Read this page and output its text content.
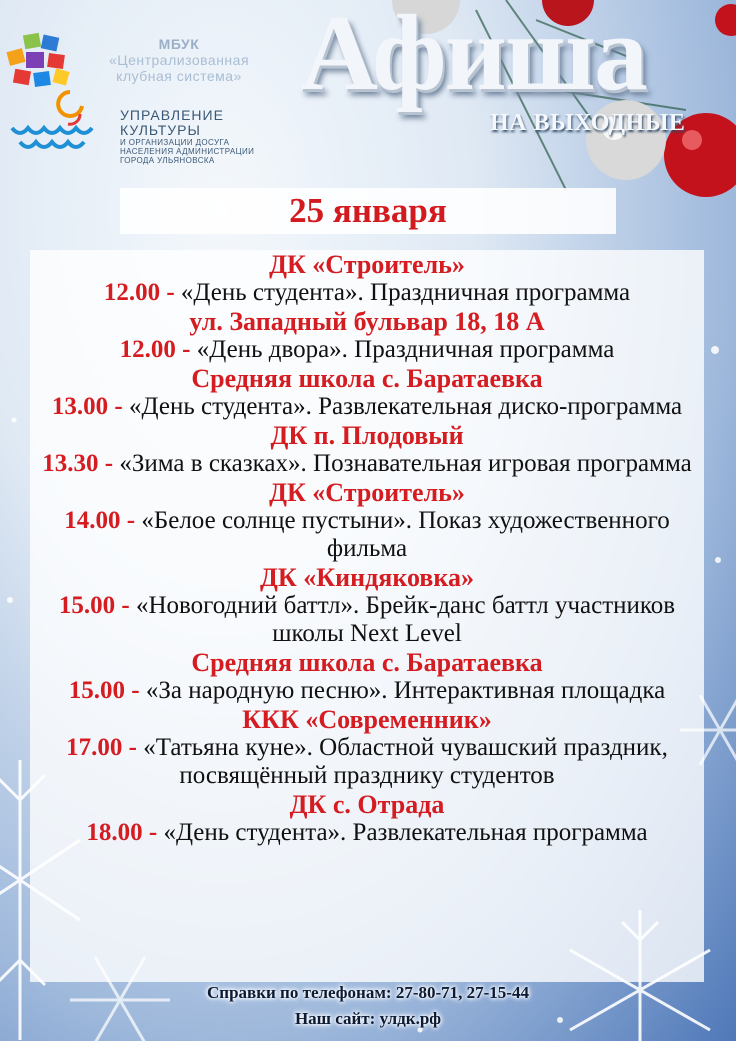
МБУК
«Централизованная
клубная система»
УПРАВЛЕНИЕ
КУЛЬТУРЫ
И ОРГАНИЗАЦИИ ДОСУГА
НАСЕЛЕНИЯ АДМИНИСТРАЦИИ
ГОРОДА УЛЬЯНОВСКА
Афиша
НА ВЫХОДНЫЕ
25 января
ДК «Строитель»
12.00 - «День студента». Праздничная программа
ул. Западный бульвар 18, 18 А
12.00 - «День двора». Праздничная программа
Средняя школа с. Баратаевка
13.00 - «День студента». Развлекательная диско-программа
ДК п. Плодовый
13.30 - «Зима в сказках». Познавательная игровая программа
ДК «Строитель»
14.00 - «Белое солнце пустыни». Показ художественного фильма
ДК «Киндяковка»
15.00 - «Новогодний баттл». Брейк-данс баттл участников школы Next Level
Средняя школа с. Баратаевка
15.00 - «За народную песню». Интерактивная площадка
ККК «Современник»
17.00 - «Татьяна куне». Областной чувашский праздник, посвящённый празднику студентов
ДК с. Отрада
18.00 - «День студента». Развлекательная программа
Справки по телефонам: 27-80-71, 27-15-44
Наш сайт: улдк.рф
